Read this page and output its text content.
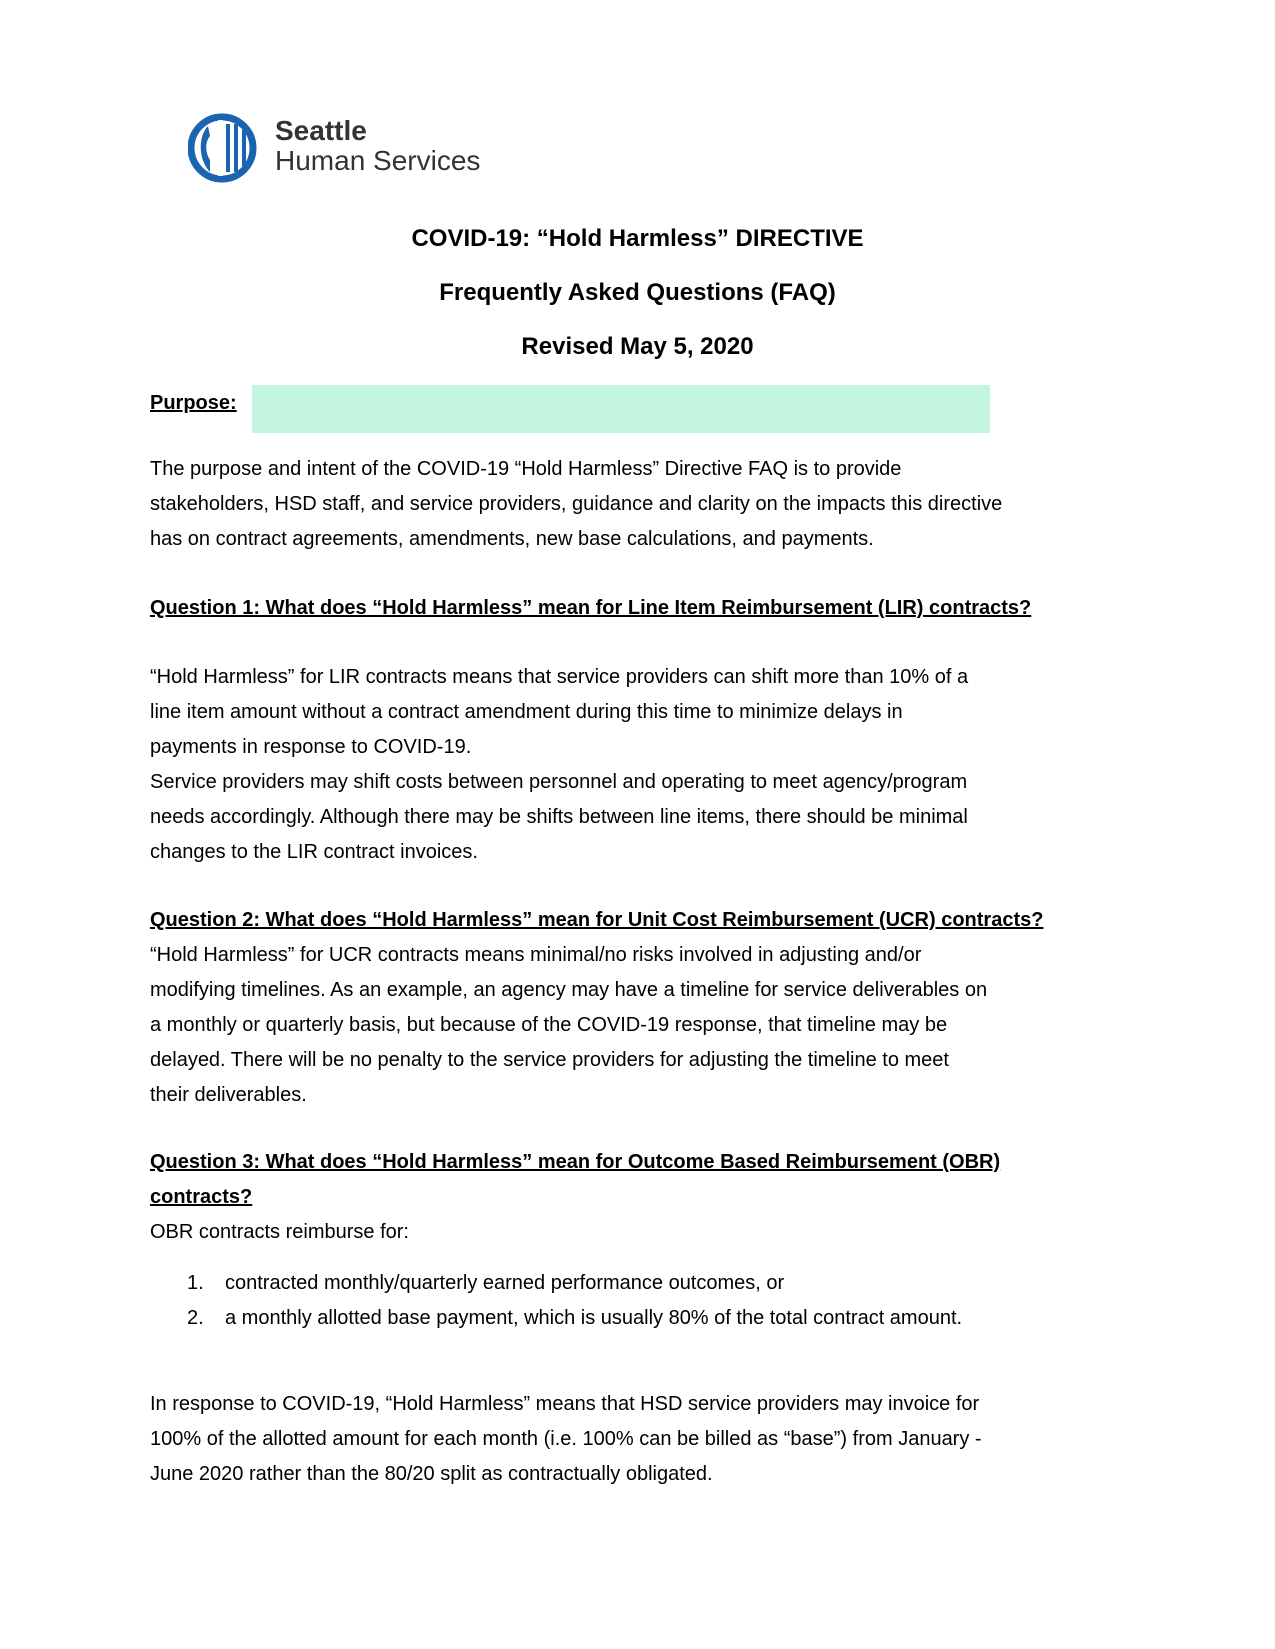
Seattle
Human Services
COVID-19: “Hold Harmless” DIRECTIVE
Frequently Asked Questions (FAQ)
Revised May 5, 2020
Purpose:
The purpose and intent of the COVID-19 “Hold Harmless” Directive FAQ is to provide
stakeholders, HSD staff, and service providers, guidance and clarity on the impacts this directive
has on contract agreements, amendments, new base calculations, and payments.
Question 1: What does “Hold Harmless” mean for Line Item Reimbursement (LIR) contracts?
“Hold Harmless” for LIR contracts means that service providers can shift more than 10% of a
line item amount without a contract amendment during this time to minimize delays in
payments in response to COVID-19.
Service providers may shift costs between personnel and operating to meet agency/program
needs accordingly. Although there may be shifts between line items, there should be minimal
changes to the LIR contract invoices.
Question 2: What does “Hold Harmless” mean for Unit Cost Reimbursement (UCR) contracts?
“Hold Harmless” for UCR contracts means minimal/no risks involved in adjusting and/or
modifying timelines. As an example, an agency may have a timeline for service deliverables on
a monthly or quarterly basis, but because of the COVID-19 response, that timeline may be
delayed. There will be no penalty to the service providers for adjusting the timeline to meet
their deliverables.
Question 3: What does “Hold Harmless” mean for Outcome Based Reimbursement (OBR)
contracts?
OBR contracts reimburse for:
1. contracted monthly/quarterly earned performance outcomes, or
2. a monthly allotted base payment, which is usually 80% of the total contract amount.
In response to COVID-19, “Hold Harmless” means that HSD service providers may invoice for
100% of the allotted amount for each month (i.e. 100% can be billed as “base”) from January -
June 2020 rather than the 80/20 split as contractually obligated.
